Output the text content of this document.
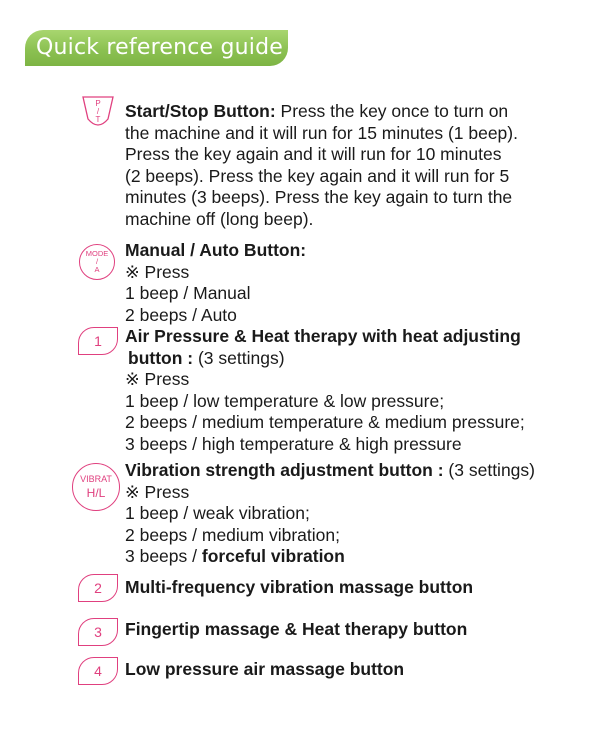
Quick reference guide
P
/
T
MODE
/
A
1
VIBRAT
H/L
2
3
4
Start/Stop Button: Press the key once to turn on
the machine and it will run for 15 minutes (1 beep).
Press the key again and it will run for 10 minutes
(2 beeps). Press the key again and it will run for 5
minutes (3 beeps). Press the key again to turn the
machine off (long beep).
Manual / Auto Button:
※ Press
1 beep / Manual
2 beeps / Auto
Air Pressure & Heat therapy with heat adjusting
button : (3 settings)
※ Press
1 beep / low temperature & low pressure;
2 beeps / medium temperature & medium pressure;
3 beeps / high temperature & high pressure
Vibration strength adjustment button : (3 settings)
※ Press
1 beep / weak vibration;
2 beeps / medium vibration;
3 beeps / forceful vibration
Multi-frequency vibration massage button
Fingertip massage & Heat therapy button
Low pressure air massage button
